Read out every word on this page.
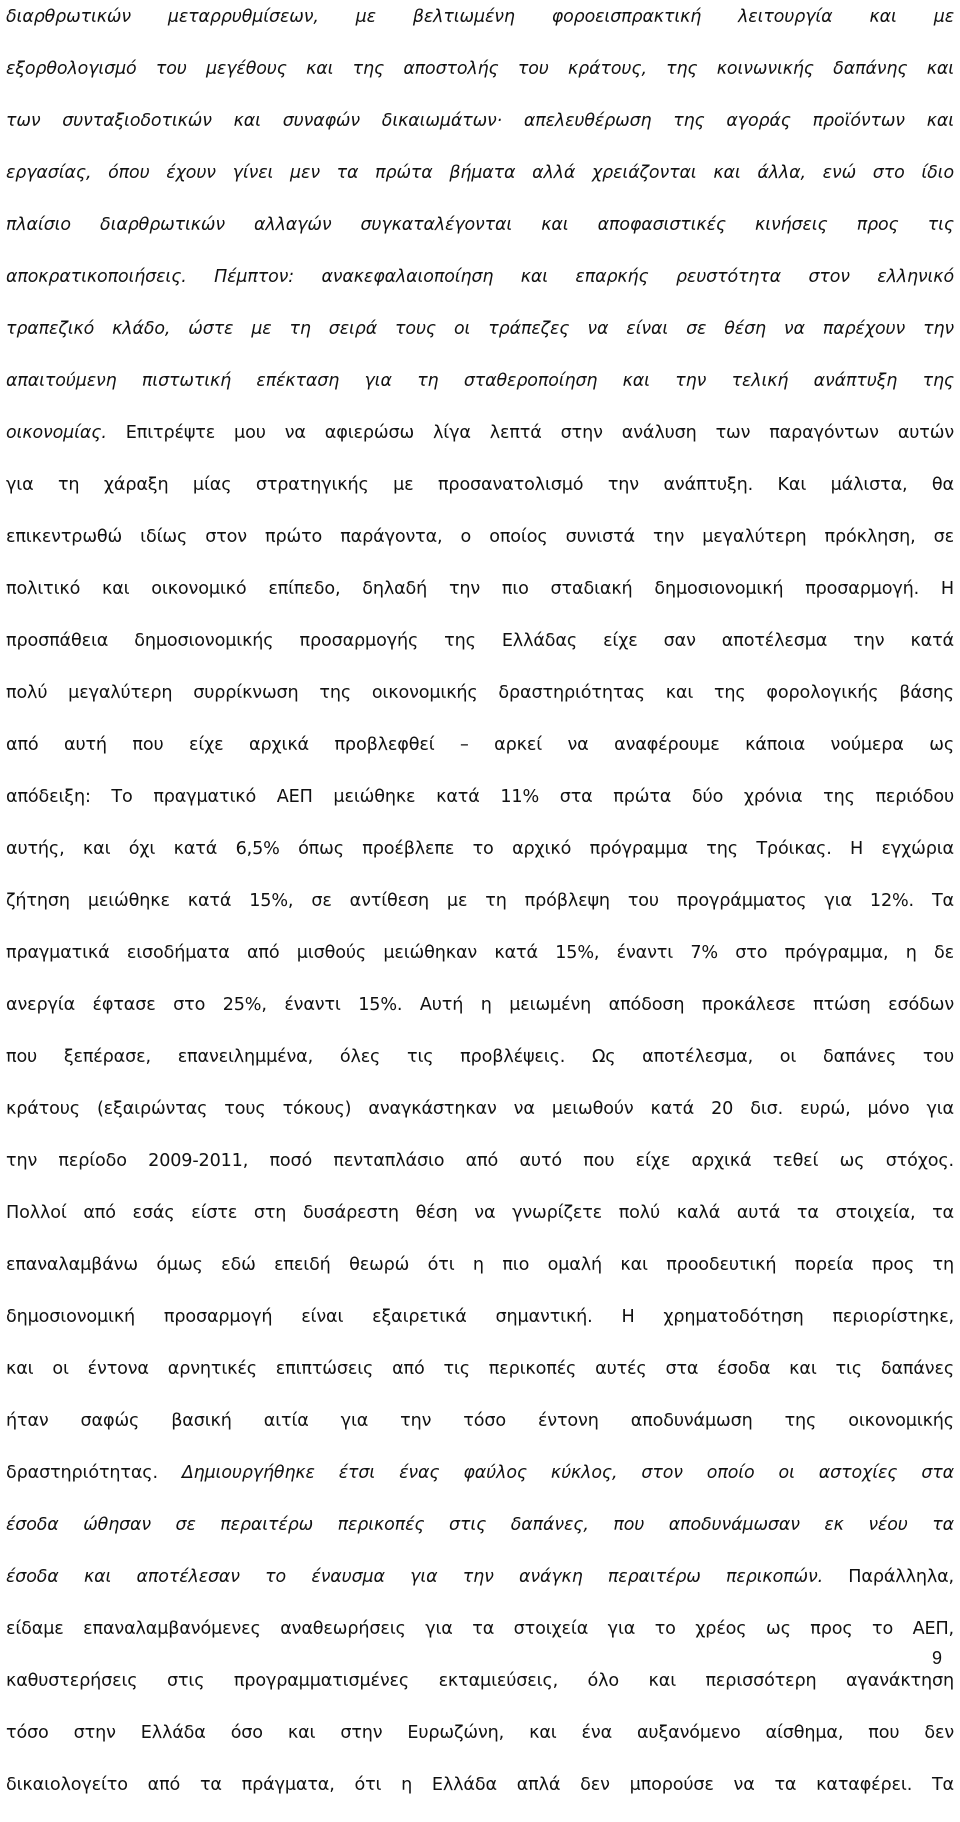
διαρθρωτικών μεταρρυθμίσεων, με βελτιωμένη φοροεισπρακτική λειτουργία και με
εξορθολογισμό του μεγέθους και της αποστολής του κράτους, της κοινωνικής δαπάνης και
των συνταξιοδοτικών και συναφών δικαιωμάτων· απελευθέρωση της αγοράς προϊόντων και
εργασίας, όπου έχουν γίνει μεν τα πρώτα βήματα αλλά χρειάζονται και άλλα, ενώ στο ίδιο
πλαίσιο διαρθρωτικών αλλαγών συγκαταλέγονται και αποφασιστικές κινήσεις προς τις
αποκρατικοποιήσεις. Πέμπτον: ανακεφαλαιοποίηση και επαρκής ρευστότητα στον ελληνικό
τραπεζικό κλάδο, ώστε με τη σειρά τους οι τράπεζες να είναι σε θέση να παρέχουν την
απαιτούμενη πιστωτική επέκταση για τη σταθεροποίηση και την τελική ανάπτυξη της
οικονομίας. Επιτρέψτε μου να αφιερώσω λίγα λεπτά στην ανάλυση των παραγόντων αυτών
για τη χάραξη μίας στρατηγικής με προσανατολισμό την ανάπτυξη. Και μάλιστα, θα
επικεντρωθώ ιδίως στον πρώτο παράγοντα, ο οποίος συνιστά την μεγαλύτερη πρόκληση, σε
πολιτικό και οικονομικό επίπεδο, δηλαδή την πιο σταδιακή δημοσιονομική προσαρμογή. Η
προσπάθεια δημοσιονομικής προσαρμογής της Ελλάδας είχε σαν αποτέλεσμα την κατά
πολύ μεγαλύτερη συρρίκνωση της οικονομικής δραστηριότητας και της φορολογικής βάσης
από αυτή που είχε αρχικά προβλεφθεί – αρκεί να αναφέρουμε κάποια νούμερα ως
απόδειξη: Το πραγματικό ΑΕΠ μειώθηκε κατά 11% στα πρώτα δύο χρόνια της περιόδου
αυτής, και όχι κατά 6,5% όπως προέβλεπε το αρχικό πρόγραμμα της Τρόικας. Η εγχώρια
ζήτηση μειώθηκε κατά 15%, σε αντίθεση με τη πρόβλεψη του προγράμματος για 12%. Τα
πραγματικά εισοδήματα από μισθούς μειώθηκαν κατά 15%, έναντι 7% στο πρόγραμμα, η δε
ανεργία έφτασε στο 25%, έναντι 15%. Αυτή η μειωμένη απόδοση προκάλεσε πτώση εσόδων
που ξεπέρασε, επανειλημμένα, όλες τις προβλέψεις. Ως αποτέλεσμα, οι δαπάνες του
κράτους (εξαιρώντας τους τόκους) αναγκάστηκαν να μειωθούν κατά 20 δισ. ευρώ, μόνο για
την περίοδο 2009-2011, ποσό πενταπλάσιο από αυτό που είχε αρχικά τεθεί ως στόχος.
Πολλοί από εσάς είστε στη δυσάρεστη θέση να γνωρίζετε πολύ καλά αυτά τα στοιχεία, τα
επαναλαμβάνω όμως εδώ επειδή θεωρώ ότι η πιο ομαλή και προοδευτική πορεία προς τη
δημοσιονομική προσαρμογή είναι εξαιρετικά σημαντική. Η χρηματοδότηση περιορίστηκε,
και οι έντονα αρνητικές επιπτώσεις από τις περικοπές αυτές στα έσοδα και τις δαπάνες
ήταν σαφώς βασική αιτία για την τόσο έντονη αποδυνάμωση της οικονομικής
δραστηριότητας. Δημιουργήθηκε έτσι ένας φαύλος κύκλος, στον οποίο οι αστοχίες στα
έσοδα ώθησαν σε περαιτέρω περικοπές στις δαπάνες, που αποδυνάμωσαν εκ νέου τα
έσοδα και αποτέλεσαν το έναυσμα για την ανάγκη περαιτέρω περικοπών. Παράλληλα,
είδαμε επαναλαμβανόμενες αναθεωρήσεις για τα στοιχεία για το χρέος ως προς το ΑΕΠ,
καθυστερήσεις στις προγραμματισμένες εκταμιεύσεις, όλο και περισσότερη αγανάκτηση
τόσο στην Ελλάδα όσο και στην Ευρωζώνη, και ένα αυξανόμενο αίσθημα, που δεν
δικαιολογείτο από τα πράγματα, ότι η Ελλάδα απλά δεν μπορούσε να τα καταφέρει. Τα
9
